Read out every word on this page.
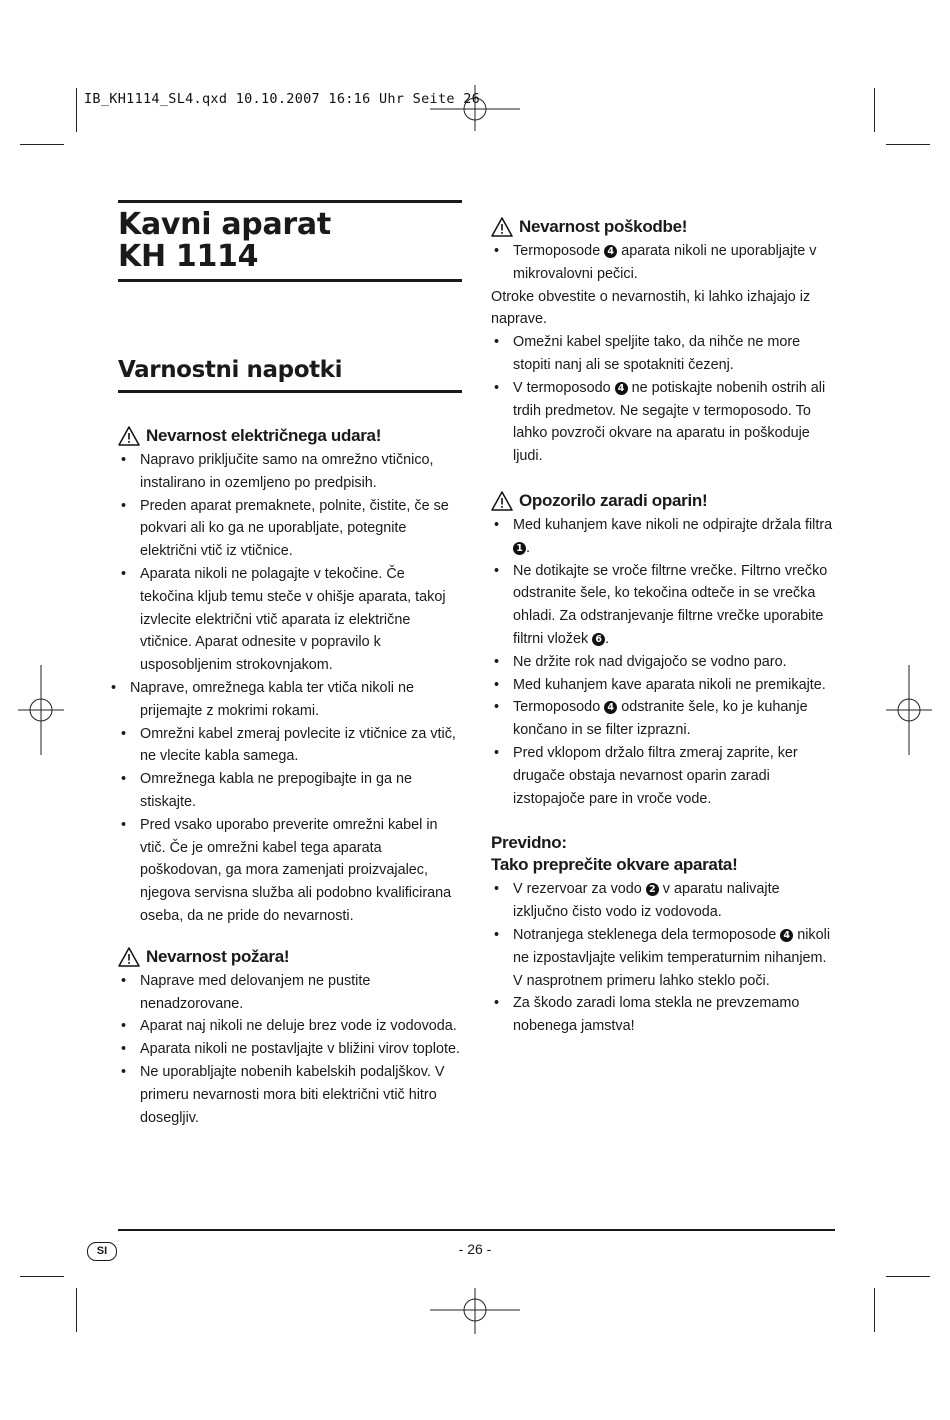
IB_KH1114_SL4.qxd 10.10.2007 16:16 Uhr Seite 26
Kavni aparat
KH 1114
Varnostni napotki
Nevarnost električnega udara!
• Napravo priključite samo na omrežno vtičnico, instalirano in ozemljeno po predpisih.
• Preden aparat premaknete, polnite, čistite, če se pokvari ali ko ga ne uporabljate, potegnite električni vtič iz vtičnice.
• Aparata nikoli ne polagajte v tekočine. Če tekočina kljub temu steče v ohišje aparata, takoj izvlecite električni vtič aparata iz električne vtičnice. Aparat odnesite v popravilo k usposobljenim strokovnjakom.
• Naprave, omrežnega kabla ter vtiča nikoli ne prijemajte z mokrimi rokami.
• Omrežni kabel zmeraj povlecite iz vtičnice za vtič, ne vlecite kabla samega.
• Omrežnega kabla ne prepogibajte in ga ne stiskajte.
• Pred vsako uporabo preverite omrežni kabel in vtič. Če je omrežni kabel tega aparata poškodovan, ga mora zamenjati proizvajalec, njegova servisna služba ali podobno kvalificirana oseba, da ne pride do nevarnosti.
Nevarnost požara!
• Naprave med delovanjem ne pustite nenadzorovane.
• Aparat naj nikoli ne deluje brez vode iz vodovoda.
• Aparata nikoli ne postavljajte v bližini virov toplote.
• Ne uporabljajte nobenih kabelskih podaljškov. V primeru nevarnosti mora biti električni vtič hitro dosegljiv.
Nevarnost poškodbe!
• Termoposode 4 aparata nikoli ne uporabljajte v mikrovalovni pečici.
Otroke obvestite o nevarnostih, ki lahko izhajajo iz naprave.
• Omežni kabel speljite tako, da nihče ne more stopiti nanj ali se spotakniti čezenj.
• V termoposodo 4 ne potiskajte nobenih ostrih ali trdih predmetov. Ne segajte v termoposodo. To lahko povzroči okvare na aparatu in poškoduje ljudi.
Opozorilo zaradi oparin!
• Med kuhanjem kave nikoli ne odpirajte držala filtra 1 .
• Ne dotikajte se vroče filtrne vrečke. Filtrno vrečko odstranite šele, ko tekočina odteče in se vrečka ohladi. Za odstranjevanje filtrne vrečke uporabite filtrni vložek 6 .
• Ne držite rok nad dvigajočo se vodno paro.
• Med kuhanjem kave aparata nikoli ne premikajte.
• Termoposodo 4 odstranite šele, ko je kuhanje končano in se filter izprazni.
• Pred vklopom držalo filtra zmeraj zaprite, ker drugače obstaja nevarnost oparin zaradi izstopajoče pare in vroče vode.
Previdno:
Tako preprečite okvare aparata!
• V rezervoar za vodo 2 v aparatu nalivajte izključno čisto vodo iz vodovoda.
• Notranjega steklenega dela termoposode 4 nikoli ne izpostavljajte velikim temperaturnim nihanjem. V nasprotnem primeru lahko steklo poči.
• Za škodo zaradi loma stekla ne prevzemamo nobenega jamstva!
SI	- 26 -
